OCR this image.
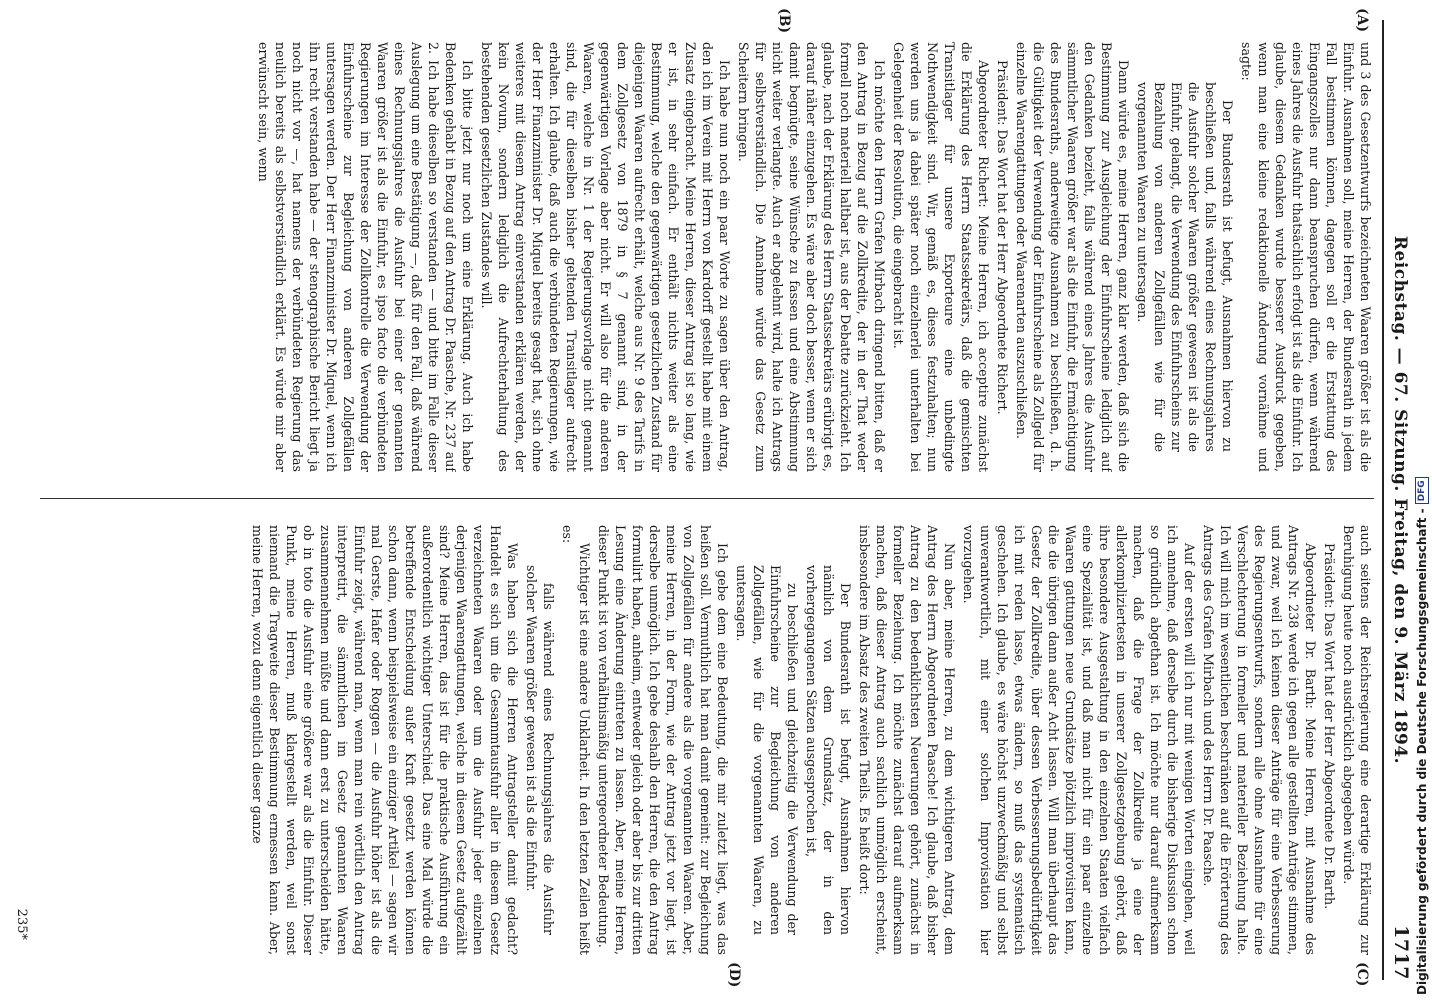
Reichstag. — 67. Sitzung. Freitag, den 9. März 1894.
1717
(A)
(B)
(C)
(D)

und 3 des Gesetzentwurfs bezeichneten Waaren größer ist als die Einfuhr. Ausnahmen soll, meine Herren, der Bundesrath in jedem Fall bestimmen können, dagegen soll er die Erstattung des Eingangszolles nur dann beanspruchen dürfen, wenn während eines Jahres die Ausfuhr thatsächlich erfolgt ist als die Einfuhr. Ich glaube, diesem Gedanken wurde besserer Ausdruck gegeben, wenn man eine kleine redaktionelle Änderung vornähme und sagte:

Der Bundesrath ist befugt, Ausnahmen hiervon zu beschließen und, falls während eines Rechnungsjahres die Ausfuhr solcher Waaren größer gewesen ist als die Einfuhr, gelangt, die Verwendung des Einfuhrscheins zur Bezahlung von anderen Zollgefällen wie für die vorgenannten Waaren zu untersagen.

Dann würde es, meine Herren, ganz klar werden, daß sich die Bestimmung zur Ausgleichung der Einfuhrscheine lediglich auf den Gedanken bezieht, falls während eines Jahres die Ausfuhr sämmtlicher Waaren größer war als die Einfuhr, die Ermächtigung des Bundesraths, anderweitige Ausnahmen zu beschließen, d. h. die Gültigkeit der Verwendung der Einfuhrscheine als Zollgeld für einzelne Waarengattungen oder Waarenarten auszuschließen.

Präsident: Das Wort hat der Herr Abgeordnete Richert.

Abgeordneter Richert: Meine Herren, ich acceptire zunächst die Erklärung des Herrn Staatssekretärs, daß die gemischten Transitlager für unsere Exporteure eine unbedingte Nothwendigkeit sind. Wir, gemäß es, dieses festzuhalten; nun werden uns ja dabei später noch einzelnerlei unterhalten bei Gelegenheit der Resolution, die eingebracht ist.

Ich möchte den Herrn Grafen Mirbach dringend bitten, daß er den Antrag in Bezug auf die Zollkredite, der in der That weder formell noch materiell haltbar ist, aus der Debatte zurückzieht. Ich glaube, nach der Erklärung des Herrn Staatssekretärs erübrigt es, darauf näher einzugehen. Es wäre aber doch besser, wenn er sich damit begnügte, seine Wünsche zu fassen und eine Abstimmung nicht weiter verlangte. Auch er abgelehnt wird, halte ich Antrags für selbstverständlich. Die Annahme würde das Gesetz zum Scheitern bringen.

Ich habe nun noch ein paar Worte zu sagen über den Antrag, den ich im Verein mit Herrn von Kardorff gestellt habe mit einem Zusatz eingebracht. Meine Herren, dieser Antrag ist so lang, wie er ist, in sehr einfach. Er enthält nichts weiter als eine Bestimmung, welche den gegenwärtigen gesetzlichen Zustand für diejenigen Waaren aufrecht erhält, welche aus Nr. 9 des Tarifs in dem Zollgesetz von 1879 in § 7 genannt sind, in der gegenwärtigen Vorlage aber nicht. Er will also für die anderen Waaren, welche in Nr. 1 der Regierungsvorlage nicht genannt sind, die für dieselben bisher geltenden Transitlager aufrecht erhalten. Ich glaube, daß auch die verbündeten Regierungen, wie der Herr Finanzminister Dr. Miquel bereits gesagt hat, sich ohne weiteres mit diesem Antrag einverstanden erklären werden, der kein Novum, sondern lediglich die Aufrechterhaltung des bestehenden gesetzlichen Zustandes will.

Ich bitte jetzt nur noch um eine Erklärung. Auch ich habe Bedenken gehabt in Bezug auf den Antrag Dr. Paasche, Nr. 237 auf 2. Ich habe dieselben so verstanden — und bitte im Falle dieser Auslegung um eine Bestätigung —, daß für den Fall, daß während eines Rechnungsjahres die Ausfuhr bei einer der genannten Waaren größer ist als die Einfuhr, es ipso facto die verbündeten Regierungen im Interesse der Zollkontrolle die Verwendung der Einfuhrscheine zur Begleichung von anderen Zollgefällen untersagen werden. Der Herr Finanzminister Dr. Miquel, wenn ich ihn recht verstanden habe — der stenographische Bericht liegt ja noch nicht vor —, hat namens der verbündeten Regierung das neulich bereits als selbstverständlich erklärt. Es würde mir aber erwünscht sein, wenn

auch seitens der Reichsregierung eine derartige Erklärung zur Beruhigung heute noch ausdrücklich abgegeben würde.

Präsident: Das Wort hat der Herr Abgeordnete Dr. Barth.

Abgeordneter Dr. Barth: Meine Herren, mit Ausnahme des Antrags Nr. 238 werde ich gegen alle gestellten Anträge stimmen, und zwar, weil ich keinen dieser Anträge für eine Verbesserung des Regierungsentwurfs, sondern alle ohne Ausnahme für eine Verschlechterung in formeller und materieller Beziehung halte. Ich will mich im wesentlichen beschränken auf die Erörterung des Antrags des Grafen Mirbach und des Herrn Dr. Paasche.

Auf der ersten will ich nur mit wenigen Worten eingehen, weil ich annehme, daß derselbe durch die bisherige Diskussion schon so gründlich abgethan ist. Ich möchte nur darauf aufmerksam machen, daß die Frage der Zollkredite ja eine der allerkompliziertesten in unserer Zollgesetzgebung gehört, daß ihre besondere Ausgestaltung in den einzelnen Staaten vielfach eine Spezialität ist, und daß man nicht für ein paar einzelne Waaren gattungen neue Grundsätze plötzlich improvisiren kann, die die übrigen dann außer Acht lassen. Will man überhaupt das Gesetz der Zollkredite, über dessen Verbesserungsbedürftigkeit ich mit reden lasse, etwas ändern, so muß das systematisch geschehen. Ich glaube, es wäre höchst unzweckmäßig und selbst unverantwortlich, mit einer solchen Improvisation hier vorzugehen.

Nun aber, meine Herren, zu dem wichtigeren Antrag, dem Antrag des Herrn Abgeordneten Paasche! Ich glaube, daß bisher Antrag zu den bedenklichsten Neuerungen gehört, zunächst in formeller Beziehung. Ich möchte zunächst darauf aufmerksam machen, daß dieser Antrag auch sachlich unmöglich erscheint, insbesondere im Absatz des zweiten Theils. Es heißt dort:

Der Bundesrath ist befugt, Ausnahmen hiervon nämlich von dem Grundsatz, der in den vorhergegangenen Sätzen ausgesprochen ist,

zu beschließen und gleichzeitig die Verwendung der Einfuhrscheine zur Begleichung von anderen Zollgefällen, wie für die vorgenannten Waaren, zu untersagen.

Ich gebe dem eine Bedeutung, die mir zuletzt liegt, was das heißen soll. Vermuthlich hat man damit gemeint: zur Begleichung von Zollgefällen für andere als die vorgenannten Waaren. Aber, meine Herren, in der Form, wie der Antrag jetzt vor liegt, ist derselbe unmöglich. Ich gebe deshalb den Herren, die den Antrag formulirt haben, anheim, entweder gleich oder aber bis zur dritten Lesung eine Änderung eintreten zu lassen. Aber, meine Herren, dieser Punkt ist von verhältnismäßig untergeordneter Bedeutung.

Wichtiger ist eine andere Unklarheit. In den letzten Zeilen heißt es:

falls während eines Rechnungsjahres die Ausfuhr solcher Waaren größer gewesen ist als die Einfuhr.

Was haben sich die Herren Antragsteller damit gedacht? Handelt es sich um die Gesammtausfuhr aller in diesem Gesetz verzeichneten Waaren oder um die Ausfuhr jeder einzelnen derjenigen Waarengattungen, welche in diesem Gesetz aufgezählt sind? Meine Herren, das ist für die praktische Ausführung ein außerordentlich wichtiger Unterschied. Das eine Mal würde die betreffende Entscheidung außer Kraft gesetzt werden können schon dann, wenn beispielsweise ein einziger Artikel — sagen wir mal Gerste, Hafer oder Roggen — die Ausfuhr höher ist als die Einfuhr zeigt, während man, wenn man rein wörtlich den Antrag interpretirt, die sämmtlichen im Gesetz genannten Waaren zusammennehmen müßte und dann erst zu unterscheiden hätte, ob in toto die Ausfuhr eine größere war als die Einfuhr. Dieser Punkt, meine Herren, muß klargestellt werden, weil sonst niemand die Tragweite dieser Bestimmung ermessen kann. Aber, meine Herren, wozu denn eigentlich dieser ganze

235*	Digitalisierung gefördert durch die Deutsche Forschungsgemeinschaft -
DFG
